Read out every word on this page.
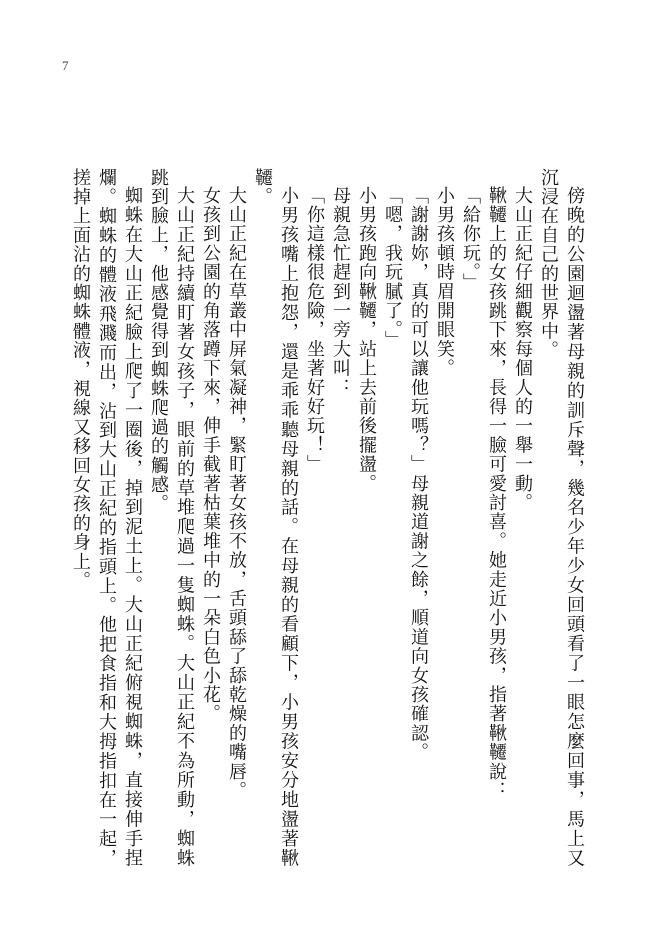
7

傍晚的公園迴盪著母親的訓斥聲，幾名少年少女回頭看了一眼怎麼回事，馬上又沉浸在自己的世界中。

大山正紀仔細觀察每個人的一舉一動。

鞦韆上的女孩跳下來，長得一臉可愛討喜。她走近小男孩，指著鞦韆說：

「給你玩。」

小男孩頓時眉開眼笑。

「謝謝妳，真的可以讓他玩嗎？」母親道謝之餘，順道向女孩確認。

「嗯，我玩膩了。」

小男孩跑向鞦韆，站上去前後擺盪。

母親急忙趕到一旁大叫：

「你這樣很危險，坐著好好玩！」

小男孩嘴上抱怨，還是乖乖聽母親的話。在母親的看顧下，小男孩安分地盪著鞦韆。

大山正紀在草叢中屏氣凝神，緊盯著女孩不放，舌頭舔了舔乾燥的嘴唇。

女孩到公園的角落蹲下來，伸手截著枯葉堆中的一朵白色小花。

大山正紀持續盯著女孩子，眼前的草堆爬過一隻蜘蛛。大山正紀不為所動，蜘蛛跳到臉上，他感覺得到蜘蛛爬過的觸感。

蜘蛛在大山正紀臉上爬了一圈後，掉到泥土上。大山正紀俯視蜘蛛，直接伸手捏爛。蜘蛛的體液飛濺而出，沾到大山正紀的指頭上。他把食指和大拇指扣在一起，搓掉上面沾的蜘蛛體液，視線又移回女孩的身上。
